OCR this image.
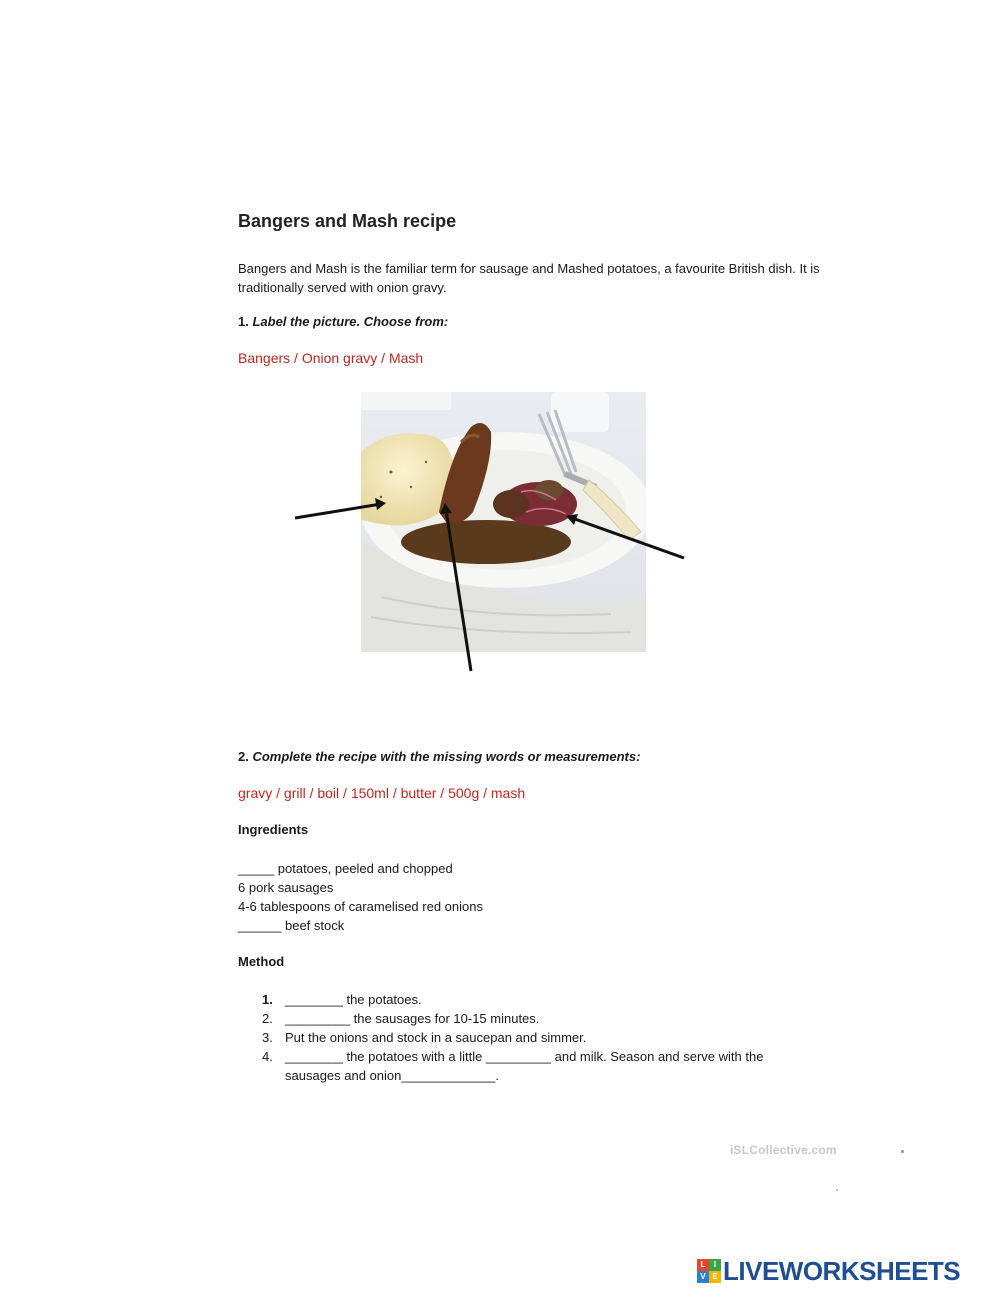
Bangers and Mash recipe
Bangers and Mash is the familiar term for sausage and Mashed potatoes, a favourite British dish. It is traditionally served with onion gravy.
1. Label the picture. Choose from:
Bangers / Onion gravy / Mash
2. Complete the recipe with the missing words or measurements:
gravy / grill / boil / 150ml / butter / 500g / mash
Ingredients
_____ potatoes, peeled and chopped
6 pork sausages
4-6 tablespoons of caramelised red onions
______ beef stock
Method
1. ________ the potatoes.
2. _________ the sausages for 10-15 minutes.
3. Put the onions and stock in a saucepan and simmer.
4. ________ the potatoes with a little _________ and milk. Season and serve with the sausages and onion_____________.
iSLCollective.com
L	I
V E LIVEWORKSHEETS
